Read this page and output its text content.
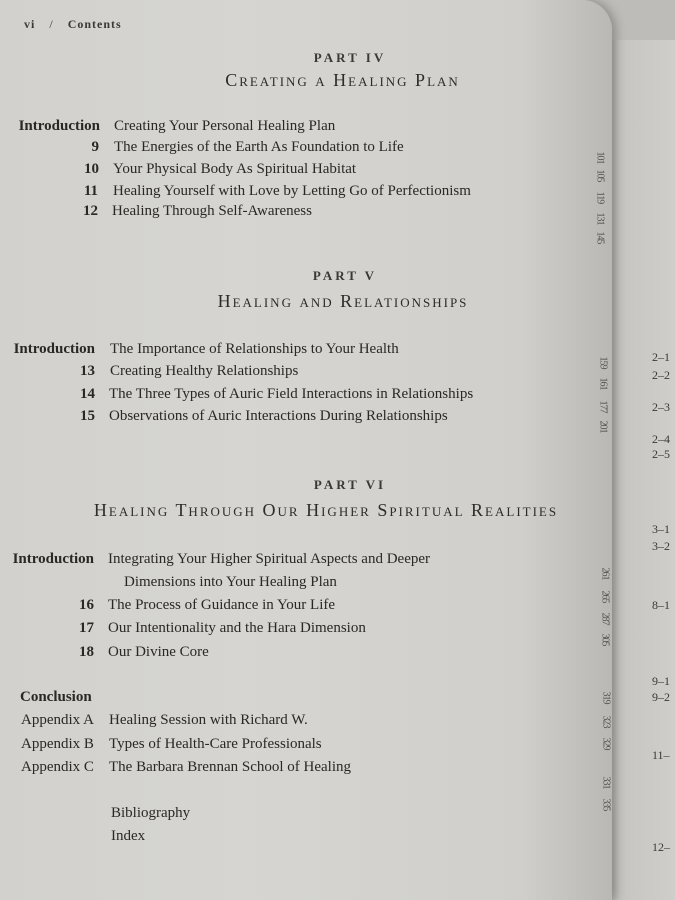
2–1
2–2
2–3
2–4
2–5
3–1
3–2
8–1
9–1
9–2
11–
12–
vi / Contents
PART IV
Creating a Healing Plan
Introduction Creating Your Personal Healing Plan
9 The Energies of the Earth As Foundation to Life
10 Your Physical Body As Spiritual Habitat
11 Healing Yourself with Love by Letting Go of Perfectionism
12 Healing Through Self-Awareness
PART V
Healing and Relationships
Introduction The Importance of Relationships to Your Health
13 Creating Healthy Relationships
14 The Three Types of Auric Field Interactions in Relationships
15 Observations of Auric Interactions During Relationships
PART VI
Healing Through Our Higher Spiritual Realities
Introduction Integrating Your Higher Spiritual Aspects and Deeper
Dimensions into Your Healing Plan
16 The Process of Guidance in Your Life
17 Our Intentionality and the Hara Dimension
18 Our Divine Core
Conclusion
Appendix A Healing Session with Richard W.
Appendix B Types of Health-Care Professionals
Appendix C The Barbara Brennan School of Healing
Bibliography
Index
101
105
119
131
145
159
161
177
201
261
265
287
305
319
323
329
331
335
